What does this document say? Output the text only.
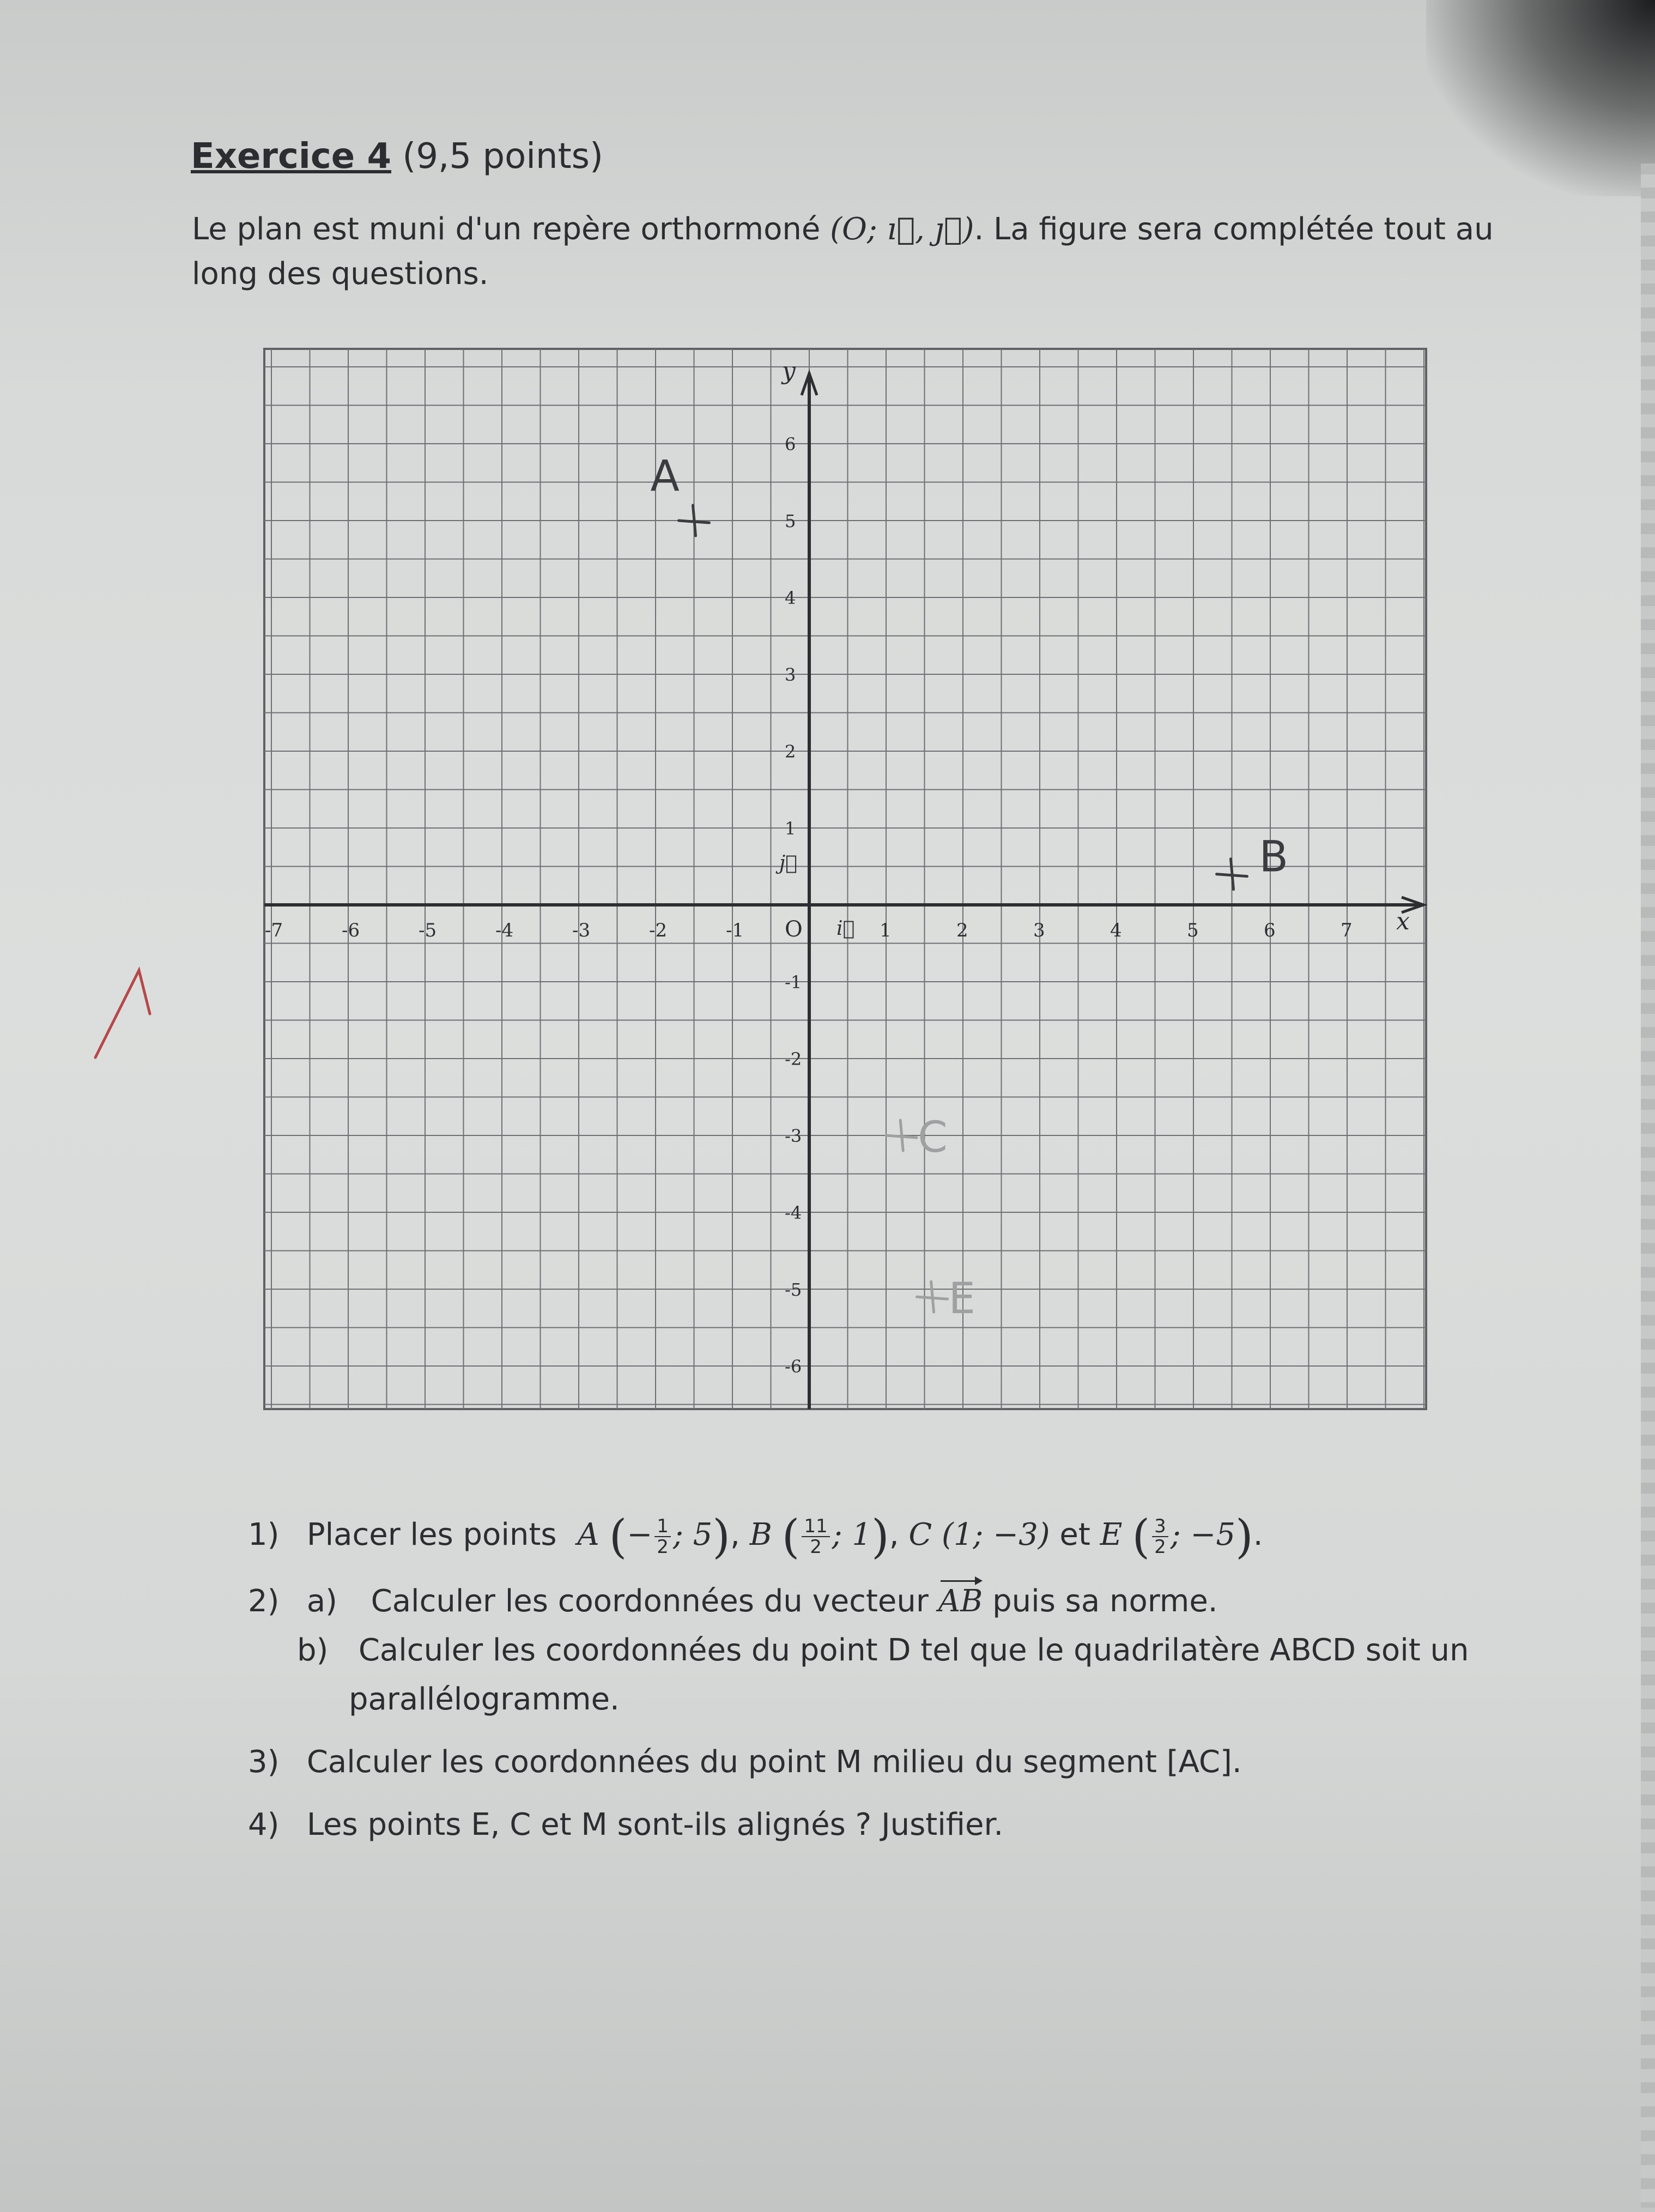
Exercice 4 (9,5 points)
Le plan est muni d'un repère orthormoné (O; ı⃗, ȷ⃗). La figure sera complétée tout au long des questions.
-7	-6	-5	-4	-3	-2	-1	1	2	3	4	5	6	7
6
5
4
3
2
1
-1
-2
-3
-4
-5
-6
O	x
y
i⃗
j⃗
A
B
C
E
1) Placer les points A (− $\frac{1}{2}$ ; 5), B ( $\frac{11}{2}$ ; 1), C (1; −3) et E ( $\frac{3}{2}$ ; −5).
2) a) Calculer les coordonnées du vecteur AB puis sa norme.
b) Calculer les coordonnées du point D tel que le quadrilatère ABCD soit un
parallélogramme.
3) Calculer les coordonnées du point M milieu du segment [AC].
4) Les points E, C et M sont-ils alignés ? Justifier.
